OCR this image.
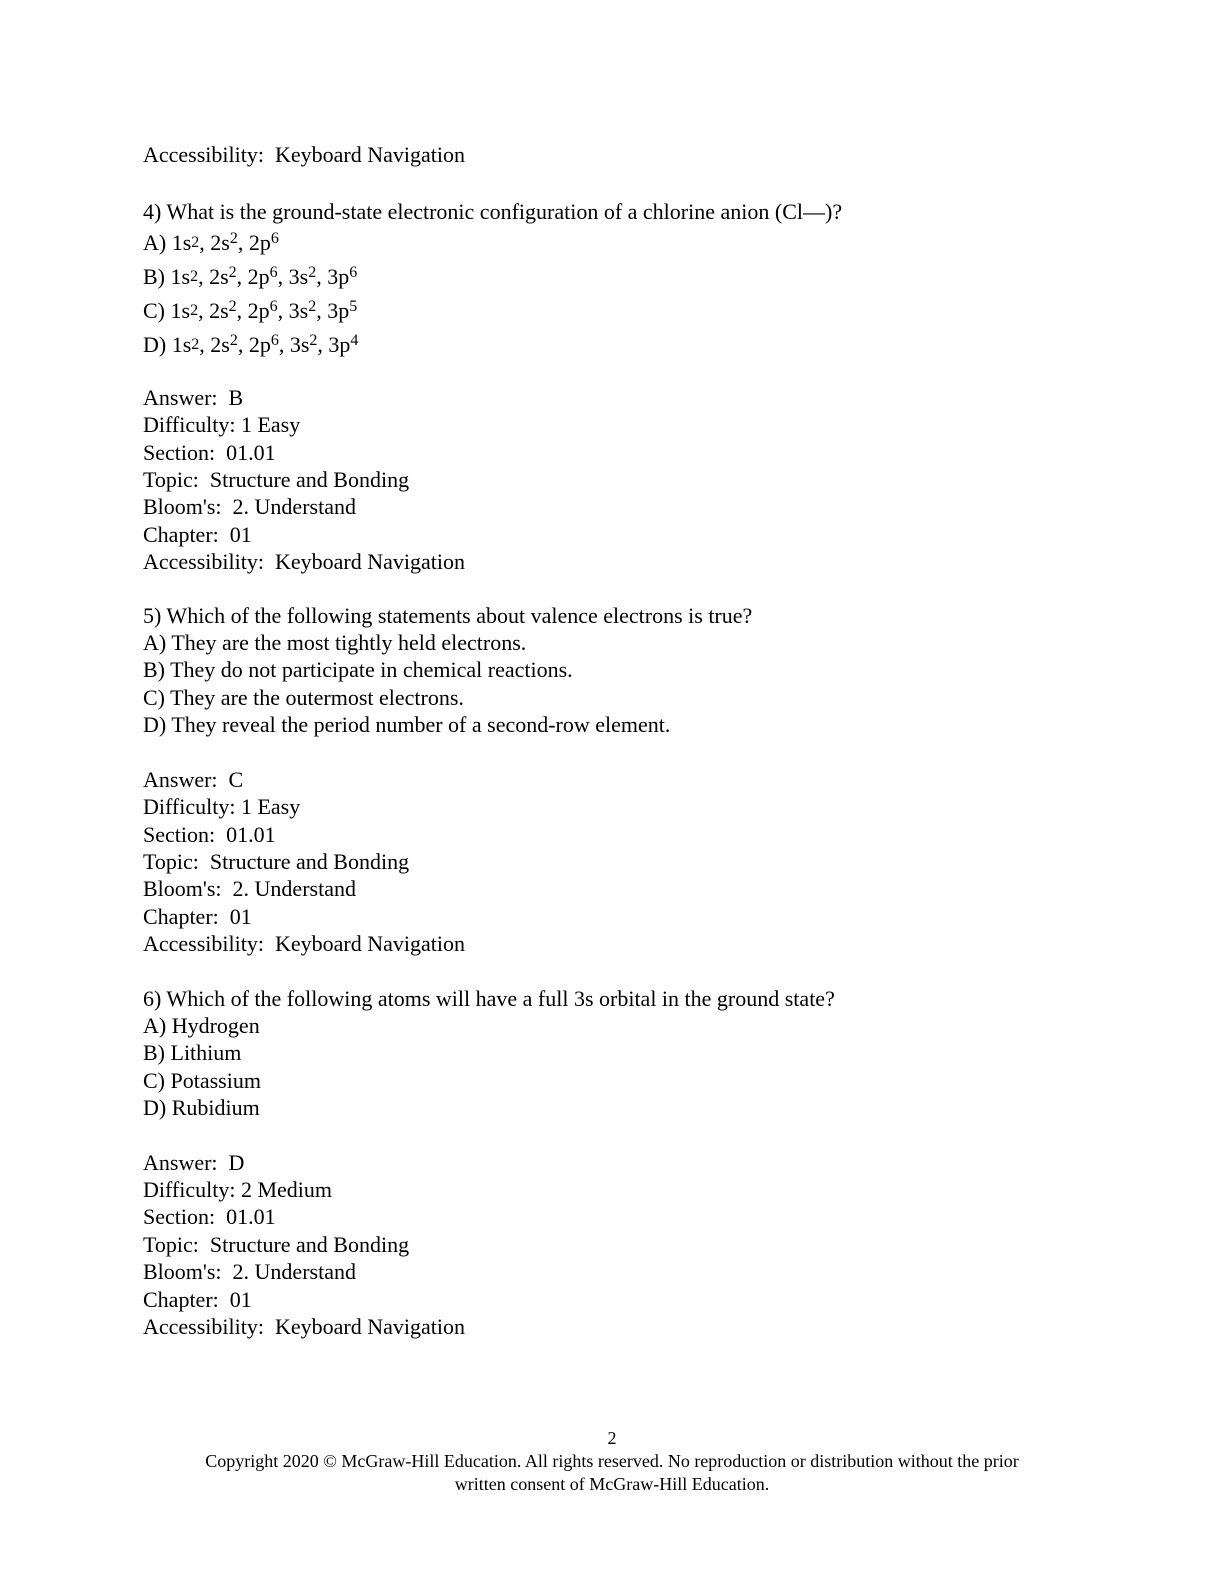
Accessibility:  Keyboard Navigation

4) What is the ground-state electronic configuration of a chlorine anion (Cl—)?

A) 1s2, $2s^2$, $2p^6$

B) 1s2, $2s^2$, $2p^6$, $3s^2$, $3p^6$

C) 1s2, $2s^2$, $2p^6$, $3s^2$, $3p^5$

D) 1s2, $2s^2$, $2p^6$, $3s^2$, $3p^4$

Answer:  B

Difficulty: 1 Easy

Section:  01.01

Topic:  Structure and Bonding

Bloom's:  2. Understand

Chapter:  01

Accessibility:  Keyboard Navigation

5) Which of the following statements about valence electrons is true?

A) They are the most tightly held electrons.

B) They do not participate in chemical reactions.

C) They are the outermost electrons.

D) They reveal the period number of a second-row element.

Answer:  C

Difficulty: 1 Easy

Section:  01.01

Topic:  Structure and Bonding

Bloom's:  2. Understand

Chapter:  01

Accessibility:  Keyboard Navigation

6) Which of the following atoms will have a full 3s orbital in the ground state?

A) Hydrogen

B) Lithium

C) Potassium

D) Rubidium

Answer:  D

Difficulty: 2 Medium

Section:  01.01

Topic:  Structure and Bonding

Bloom's:  2. Understand

Chapter:  01

Accessibility:  Keyboard Navigation

2
Copyright 2020 © McGraw-Hill Education. All rights reserved. No reproduction or distribution without the prior
written consent of McGraw-Hill Education.
